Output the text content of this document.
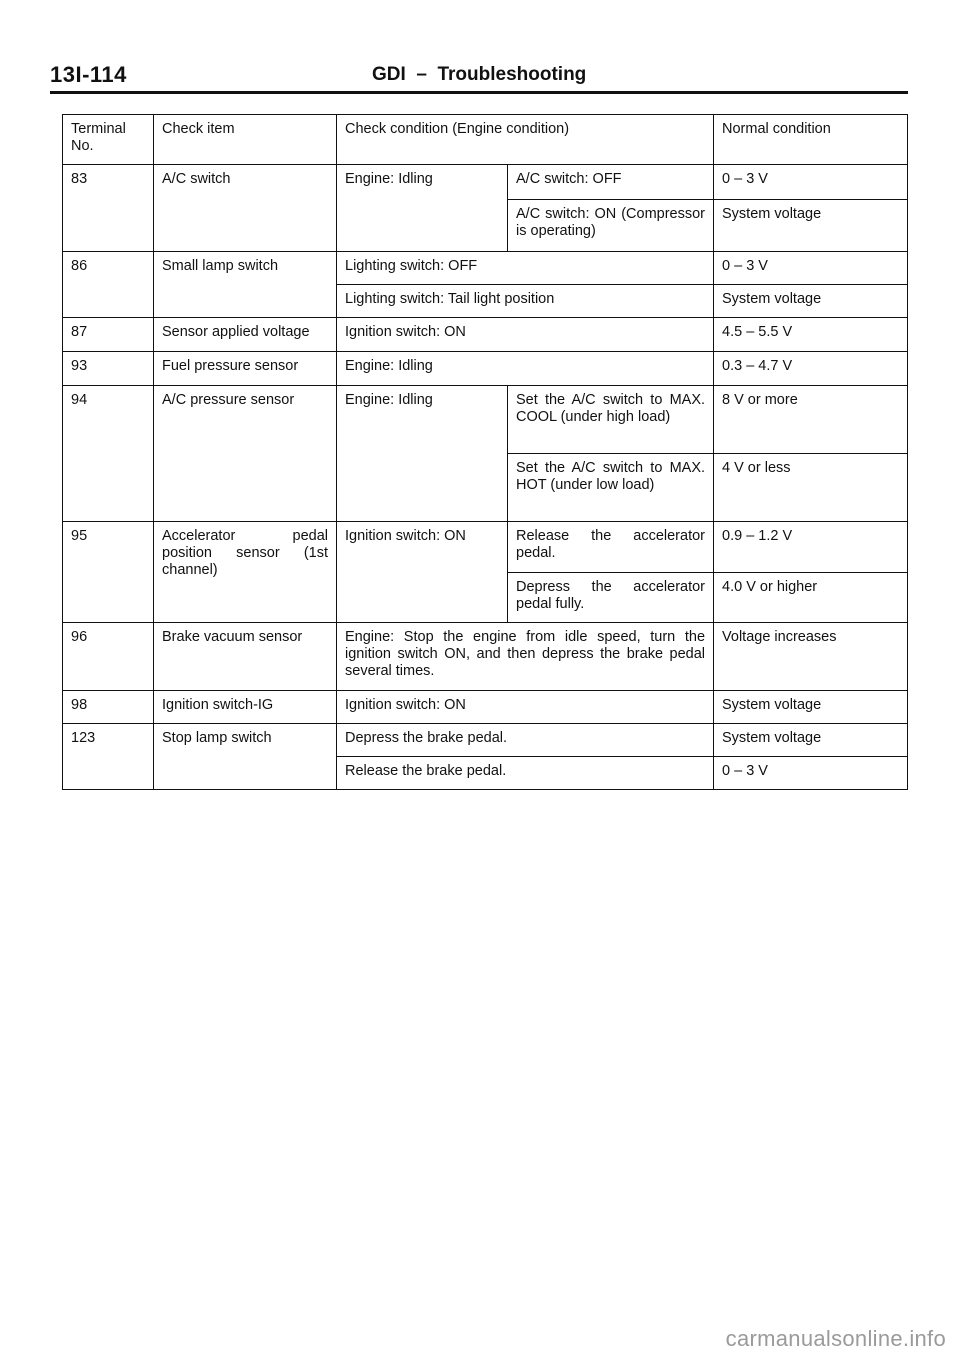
13I-114	GDI  –  Troubleshooting
Terminal No.	Check item	Check condition (Engine condition)		Normal condition
83	A/C switch	Engine: Idling	A/C switch: OFF	0 – 3 V
			A/C switch: ON (Compressor is operating)	System voltage
86	Small lamp switch	Lighting switch: OFF		0 – 3 V
		Lighting switch: Tail light position		System voltage
87	Sensor applied voltage	Ignition switch: ON		4.5 – 5.5 V
93	Fuel pressure sensor	Engine: Idling		0.3 – 4.7 V
94	A/C pressure sensor	Engine: Idling	Set the A/C switch to MAX. COOL (under high load)	8 V or more
			Set the A/C switch to MAX. HOT (under low load)	4 V or less
95	Accelerator pedal position sensor (1st channel)	Ignition switch: ON	Release the accelerator pedal.	0.9 – 1.2 V
			Depress the accelerator pedal fully.	4.0 V or higher
96	Brake vacuum sensor	Engine: Stop the engine from idle speed, turn the ignition switch ON, and then depress the brake pedal several times.		Voltage increases
98	Ignition switch-IG	Ignition switch: ON		System voltage
123	Stop lamp switch	Depress the brake pedal.		System voltage
		Release the brake pedal.		0 – 3 V
carmanualsonline.info
